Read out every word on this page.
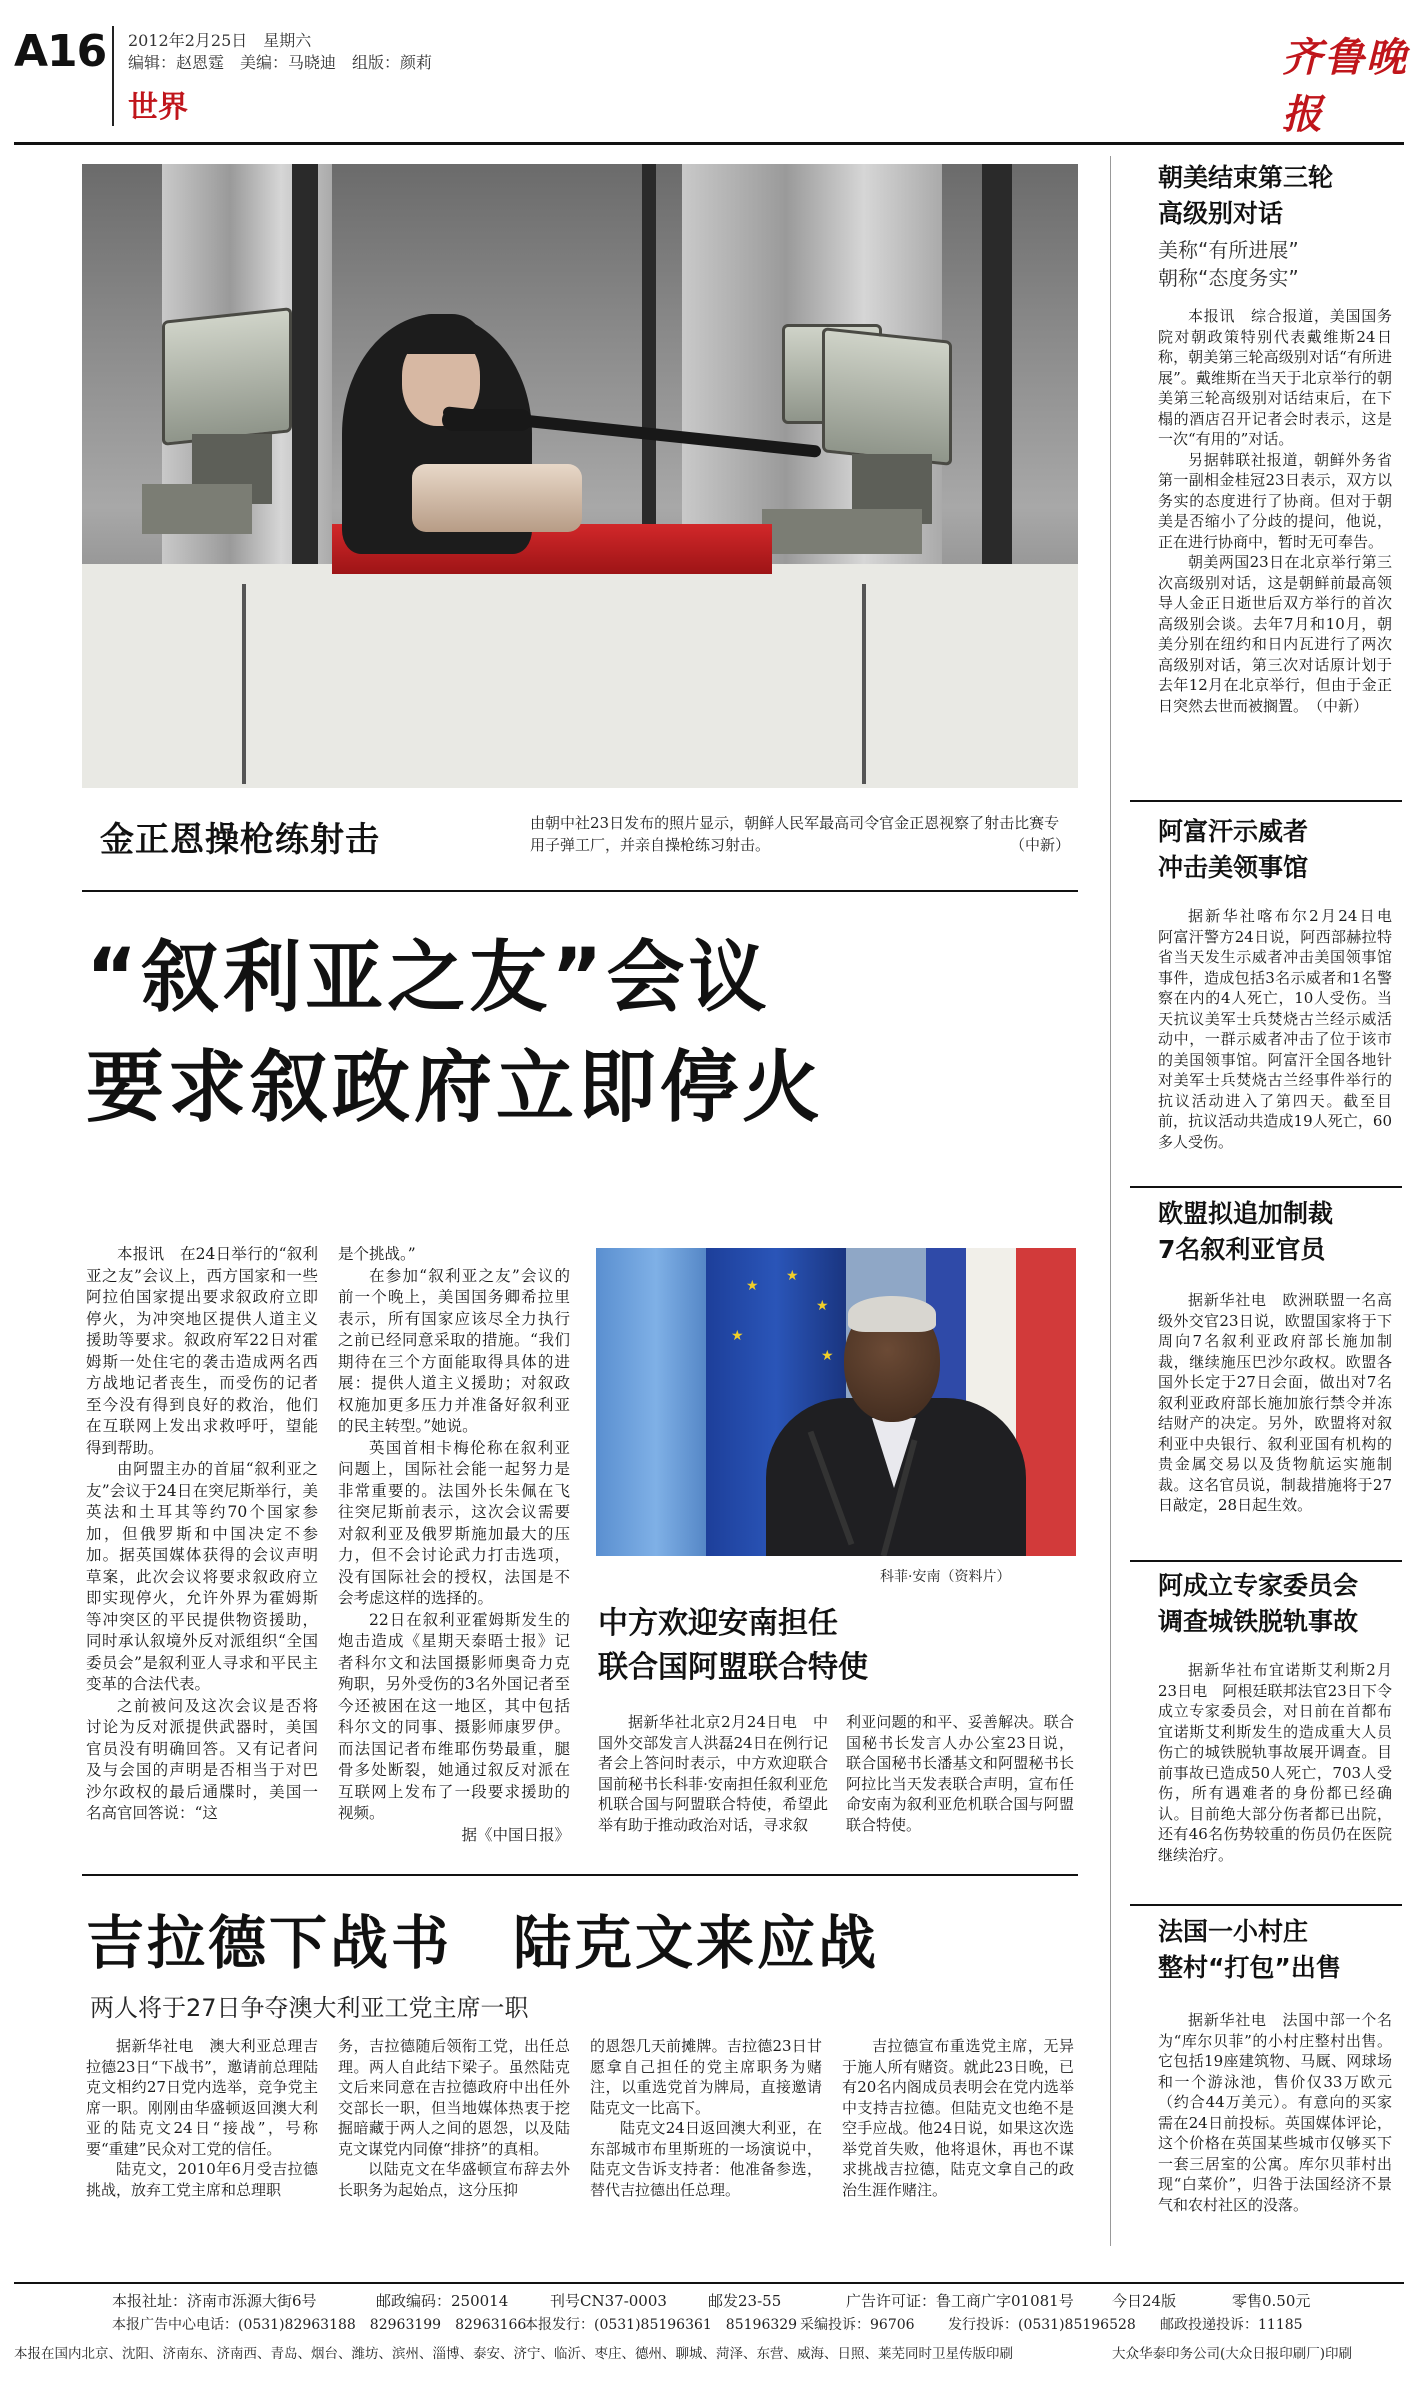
A16 2012年2月25日　星期六
编辑：赵恩霆　美编：马晓迪　组版：颜莉
世界
齐鲁晚报
金正恩操枪练射击	由朝中社23日发布的照片显示，朝鲜人民军最高司令官金正恩视察了射击比赛专用子弹工厂，并亲自操枪练习射击。	（中新）
“叙利亚之友”会议
要求叙政府立即停火

本报讯　在24日举行的“叙利亚之友”会议上，西方国家和一些阿拉伯国家提出要求叙政府立即停火，为冲突地区提供人道主义援助等要求。叙政府军22日对霍姆斯一处住宅的袭击造成两名西方战地记者丧生，而受伤的记者至今没有得到良好的救治，他们在互联网上发出求救呼吁，望能得到帮助。

由阿盟主办的首届“叙利亚之友”会议于24日在突尼斯举行，美英法和土耳其等约70个国家参加，但俄罗斯和中国决定不参加。据英国媒体获得的会议声明草案，此次会议将要求叙政府立即实现停火，允许外界为霍姆斯等冲突区的平民提供物资援助，同时承认叙境外反对派组织“全国委员会”是叙利亚人寻求和平民主变革的合法代表。

之前被问及这次会议是否将讨论为反对派提供武器时，美国官员没有明确回答。又有记者问及与会国的声明是否相当于对巴沙尔政权的最后通牒时，美国一名高官回答说：“这

是个挑战。”

在参加“叙利亚之友”会议的前一个晚上，美国国务卿希拉里表示，所有国家应该尽全力执行之前已经同意采取的措施。“我们期待在三个方面能取得具体的进展：提供人道主义援助；对叙政权施加更多压力并准备好叙利亚的民主转型。”她说。

英国首相卡梅伦称在叙利亚问题上，国际社会能一起努力是非常重要的。法国外长朱佩在飞往突尼斯前表示，这次会议需要对叙利亚及俄罗斯施加最大的压力，但不会讨论武力打击选项，没有国际社会的授权，法国是不会考虑这样的选择的。

22日在叙利亚霍姆斯发生的炮击造成《星期天泰晤士报》记者科尔文和法国摄影师奥奇力克殉职，另外受伤的3名外国记者至今还被困在这一地区，其中包括科尔文的同事、摄影师康罗伊。而法国记者布维耶伤势最重，腿骨多处断裂，她通过叙反对派在互联网上发布了一段要求援助的视频。

据《中国日报》

★
★
★
★
★
科菲·安南（资料片）
中方欢迎安南担任
联合国阿盟联合特使

据新华社北京2月24日电　中国外交部发言人洪磊24日在例行记者会上答问时表示，中方欢迎联合国前秘书长科菲·安南担任叙利亚危机联合国与阿盟联合特使，希望此举有助于推动政治对话，寻求叙

利亚问题的和平、妥善解决。联合国秘书长发言人办公室23日说，联合国秘书长潘基文和阿盟秘书长阿拉比当天发表联合声明，宣布任命安南为叙利亚危机联合国与阿盟联合特使。

吉拉德下战书　陆克文来应战
两人将于27日争夺澳大利亚工党主席一职

据新华社电　澳大利亚总理吉拉德23日“下战书”，邀请前总理陆克文相约27日党内选举，竞争党主席一职。刚刚由华盛顿返回澳大利亚的陆克文24日“接战”，号称要“重建”民众对工党的信任。

陆克文，2010年6月受吉拉德挑战，放弃工党主席和总理职

务，吉拉德随后领衔工党，出任总理。两人自此结下梁子。虽然陆克文后来同意在吉拉德政府中出任外交部长一职，但当地媒体热衷于挖掘暗藏于两人之间的恩怨，以及陆克文谋党内同僚“排挤”的真相。

以陆克文在华盛顿宣布辞去外长职务为起始点，这分压抑

的恩怨几天前摊牌。吉拉德23日甘愿拿自己担任的党主席职务为赌注，以重选党首为牌局，直接邀请陆克文一比高下。

陆克文24日返回澳大利亚，在东部城市布里斯班的一场演说中，陆克文告诉支持者：他准备参选，替代吉拉德出任总理。

吉拉德宣布重选党主席，无异于施人所有赌资。就此23日晚，已有20名内阁成员表明会在党内选举中支持吉拉德。但陆克文也绝不是空手应战。他24日说，如果这次选举党首失败，他将退休，再也不谋求挑战吉拉德，陆克文拿自己的政治生涯作赌注。

朝美结束第三轮
高级别对话
美称“有所进展”
朝称“态度务实”

本报讯　综合报道，美国国务院对朝政策特别代表戴维斯24日称，朝美第三轮高级别对话“有所进展”。戴维斯在当天于北京举行的朝美第三轮高级别对话结束后，在下榻的酒店召开记者会时表示，这是一次“有用的”对话。

另据韩联社报道，朝鲜外务省第一副相金桂冠23日表示，双方以务实的态度进行了协商。但对于朝美是否缩小了分歧的提问，他说，正在进行协商中，暂时无可奉告。

朝美两国23日在北京举行第三次高级别对话，这是朝鲜前最高领导人金正日逝世后双方举行的首次高级别会谈。去年7月和10月，朝美分别在纽约和日内瓦进行了两次高级别对话，第三次对话原计划于去年12月在北京举行，但由于金正日突然去世而被搁置。　（中新）

阿富汗示威者
冲击美领事馆

据新华社喀布尔2月24日电　阿富汗警方24日说，阿西部赫拉特省当天发生示威者冲击美国领事馆事件，造成包括3名示威者和1名警察在内的4人死亡，10人受伤。当天抗议美军士兵焚烧古兰经示威活动中，一群示威者冲击了位于该市的美国领事馆。阿富汗全国各地针对美军士兵焚烧古兰经事件举行的抗议活动进入了第四天。截至目前，抗议活动共造成19人死亡，60多人受伤。

欧盟拟追加制裁
7名叙利亚官员

据新华社电　欧洲联盟一名高级外交官23日说，欧盟国家将于下周向7名叙利亚政府部长施加制裁，继续施压巴沙尔政权。欧盟各国外长定于27日会面，做出对7名叙利亚政府部长施加旅行禁令并冻结财产的决定。另外，欧盟将对叙利亚中央银行、叙利亚国有机构的贵金属交易以及货物航运实施制裁。这名官员说，制裁措施将于27日敲定，28日起生效。

阿成立专家委员会
调查城铁脱轨事故

据新华社布宜诺斯艾利斯2月23日电　阿根廷联邦法官23日下令成立专家委员会，对日前在首都布宜诺斯艾利斯发生的造成重大人员伤亡的城铁脱轨事故展开调查。目前事故已造成50人死亡，703人受伤，所有遇难者的身份都已经确认。目前绝大部分伤者都已出院，还有46名伤势较重的伤员仍在医院继续治疗。

法国一小村庄
整村“打包”出售

据新华社电　法国中部一个名为“库尔贝菲”的小村庄整村出售。它包括19座建筑物、马厩、网球场和一个游泳池，售价仅33万欧元（约合44万美元）。有意向的买家需在24日前投标。英国媒体评论，这个价格在英国某些城市仅够买下一套三居室的公寓。库尔贝菲村出现“白菜价”，归咎于法国经济不景气和农村社区的没落。

本报社址：济南市泺源大街6号	邮政编码：250014	刊号CN37-0003	邮发23-55	广告许可证：鲁工商广字01081号	今日24版	零售0.50元
本报广告中心电话：(0531)82963188　82963199　82963166
本报发行：(0531)85196361　85196329 采编投诉：96706 发行投诉：(0531)85196528 邮政投递投诉：11185
本报在国内北京、沈阳、济南东、济南西、青岛、烟台、潍坊、滨州、淄博、泰安、济宁、临沂、枣庄、德州、聊城、菏泽、东营、威海、日照、莱芜同时卫星传版印刷	大众华泰印务公司(大众日报印刷厂)印刷
